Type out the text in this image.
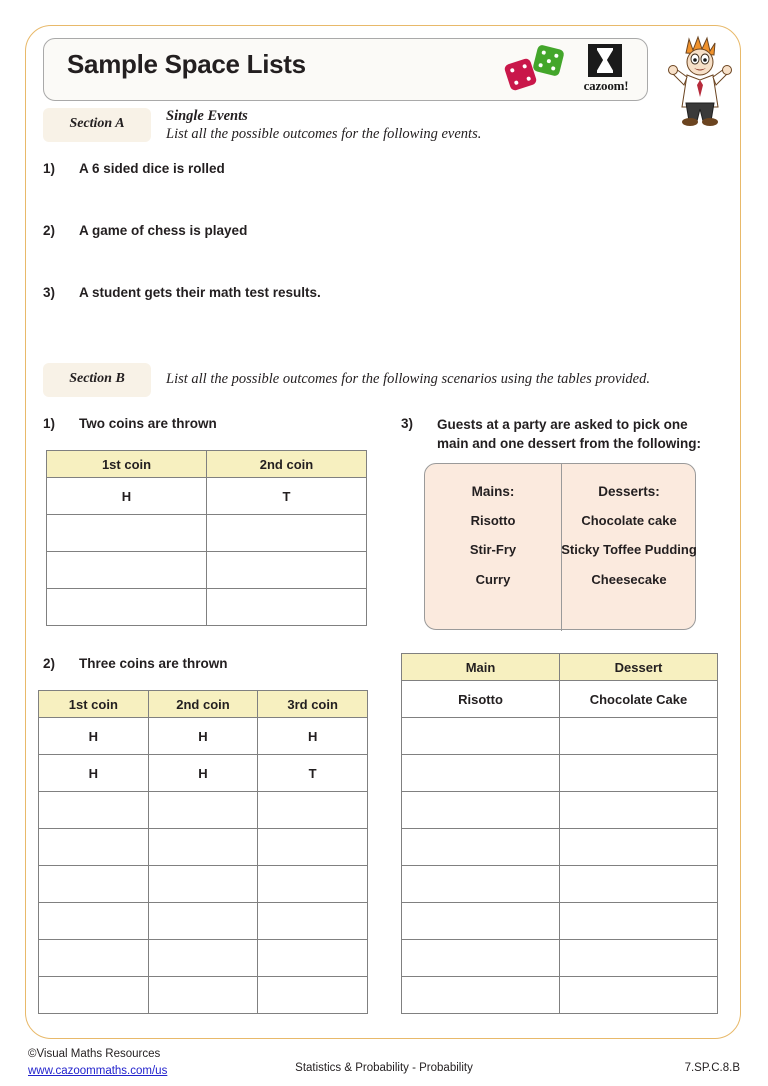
Sample Space Lists
cazoom!
Section A	Single Events
List all the possible outcomes for the following events.
1) A 6 sided dice is rolled
2) A game of chess is played
3) A student gets their math test results.
Section B	List all the possible outcomes for the following scenarios using the tables provided.
1) Two coins are thrown
2) Three coins are thrown
3) Guests at a party are asked to pick one main and one dessert from the following:
1st coin	2nd coin
H	T

1st coin	2nd coin	3rd coin
H	H	H
H	H	T

Main	Dessert
Risotto	Chocolate Cake

Mains:
Risotto
Stir-Fry
Curry
Desserts:
Chocolate cake
Sticky Toffee Pudding
Cheesecake
©Visual Maths Resources
www.cazoommaths.com/us	Statistics & Probability - Probability	7.SP.C.8.B
